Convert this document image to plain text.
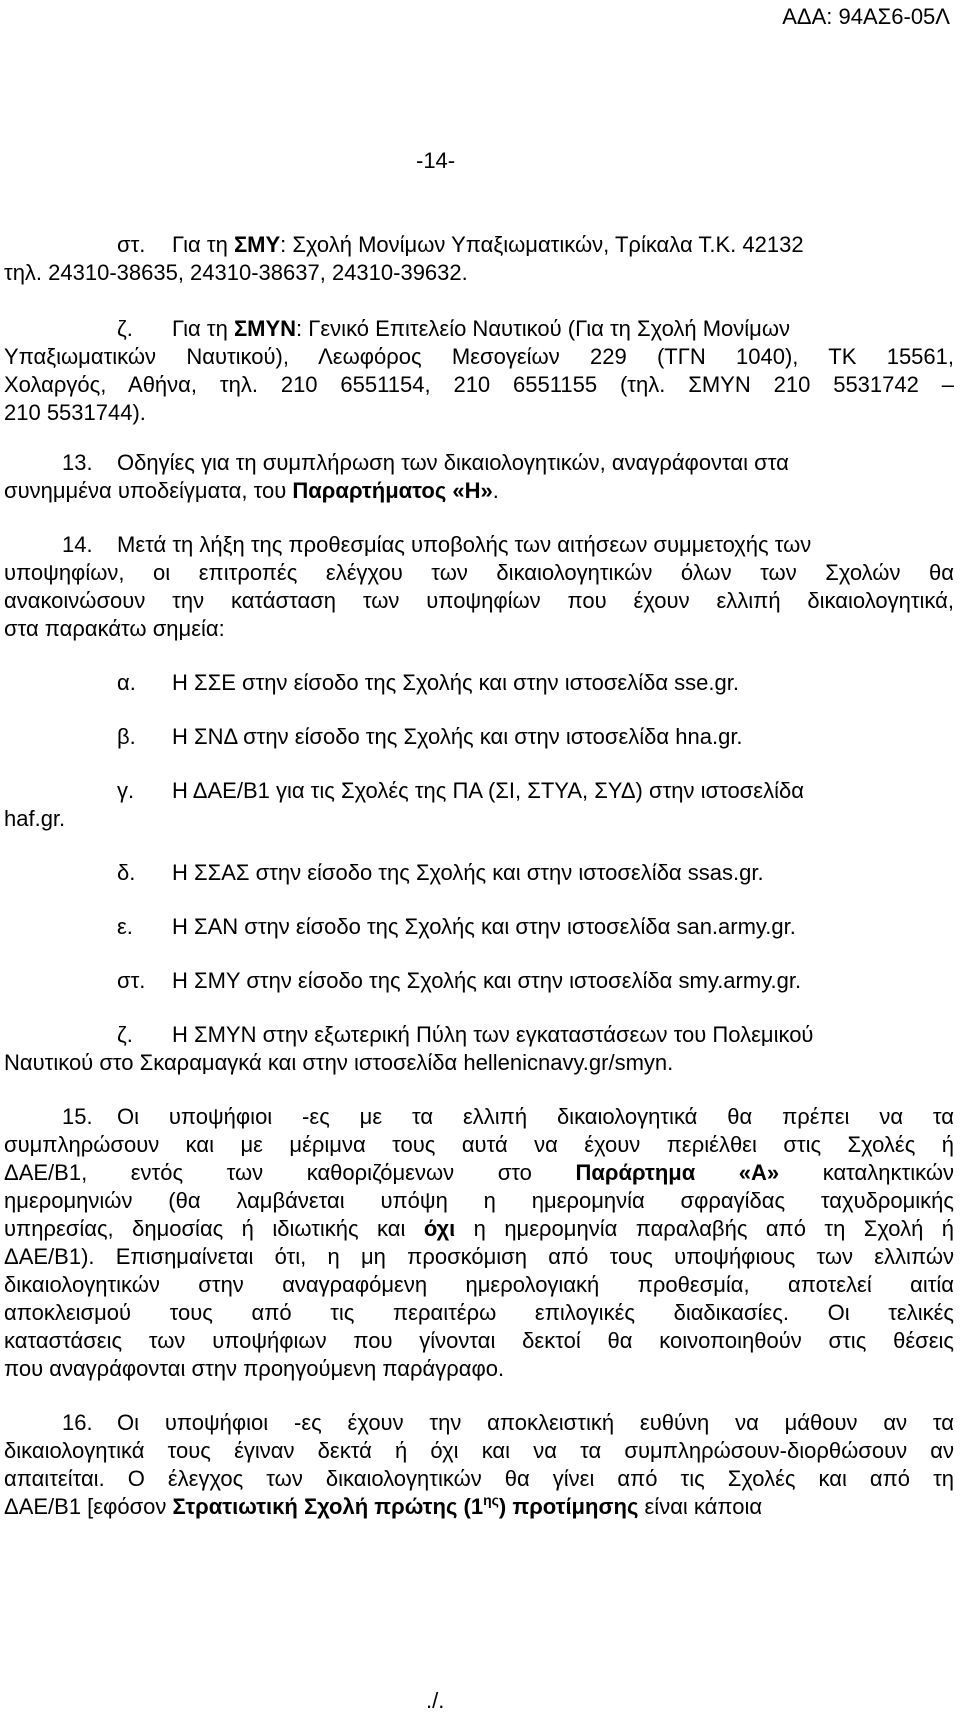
ΑΔΑ: 94ΑΣ6-05Λ
-14-
στ. Για τη ΣΜΥ: Σχολή Μονίμων Υπαξιωματικών, Τρίκαλα Τ.Κ. 42132
τηλ. 24310-38635, 24310-38637, 24310-39632.
ζ. Για τη ΣΜΥΝ: Γενικό Επιτελείο Ναυτικού (Για τη Σχολή Μονίμων
Υπαξιωματικών Ναυτικού), Λεωφόρος Μεσογείων 229 (ΤΓΝ 1040), ΤΚ 15561,
Χολαργός, Αθήνα, τηλ. 210 6551154, 210 6551155 (τηλ. ΣΜΥΝ 210 5531742 –
210 5531744).
13. Οδηγίες για τη συμπλήρωση των δικαιολογητικών, αναγράφονται στα
συνημμένα υποδείγματα, του Παραρτήματος «Η».
14. Μετά τη λήξη της προθεσμίας υποβολής των αιτήσεων συμμετοχής των
υποψηφίων, οι επιτροπές ελέγχου των δικαιολογητικών όλων των Σχολών θα
ανακοινώσουν την κατάσταση των υποψηφίων που έχουν ελλιπή δικαιολογητικά,
στα παρακάτω σημεία:
α. Η ΣΣΕ στην είσοδο της Σχολής και στην ιστοσελίδα sse.gr.
β. Η ΣΝΔ στην είσοδο της Σχολής και στην ιστοσελίδα hna.gr.
γ. Η ΔΑΕ/Β1 για τις Σχολές της ΠΑ (ΣΙ, ΣΤΥΑ, ΣΥΔ) στην ιστοσελίδα
haf.gr.
δ. Η ΣΣΑΣ στην είσοδο της Σχολής και στην ιστοσελίδα ssas.gr.
ε. Η ΣΑΝ στην είσοδο της Σχολής και στην ιστοσελίδα san.army.gr.
στ. Η ΣΜΥ στην είσοδο της Σχολής και στην ιστοσελίδα smy.army.gr.
ζ. Η ΣΜΥΝ στην εξωτερική Πύλη των εγκαταστάσεων του Πολεμικού
Ναυτικού στο Σκαραμαγκά και στην ιστοσελίδα hellenicnavy.gr/smyn.
15. Οι υποψήφιοι -ες με τα ελλιπή δικαιολογητικά θα πρέπει να τα
συμπληρώσουν και με μέριμνα τους αυτά να έχουν περιέλθει στις Σχολές ή
ΔΑΕ/Β1, εντός των καθοριζόμενων στο Παράρτημα «Α» καταληκτικών
ημερομηνιών (θα λαμβάνεται υπόψη η ημερομηνία σφραγίδας ταχυδρομικής
υπηρεσίας, δημοσίας ή ιδιωτικής και όχι η ημερομηνία παραλαβής από τη Σχολή ή
ΔΑΕ/Β1). Επισημαίνεται ότι, η μη προσκόμιση από τους υποψήφιους των ελλιπών
δικαιολογητικών στην αναγραφόμενη ημερολογιακή προθεσμία, αποτελεί αιτία
αποκλεισμού τους από τις περαιτέρω επιλογικές διαδικασίες. Οι τελικές
καταστάσεις των υποψήφιων που γίνονται δεκτοί θα κοινοποιηθούν στις θέσεις
που αναγράφονται στην προηγούμενη παράγραφο.
16. Οι υποψήφιοι -ες έχουν την αποκλειστική ευθύνη να μάθουν αν τα
δικαιολογητικά τους έγιναν δεκτά ή όχι και να τα συμπληρώσουν-διορθώσουν αν
απαιτείται. Ο έλεγχος των δικαιολογητικών θα γίνει από τις Σχολές και από τη
ΔΑΕ/Β1 [εφόσον Στρατιωτική Σχολή πρώτης $(1^{\eta\varsigma})$ προτίμησης είναι κάποια
./.
